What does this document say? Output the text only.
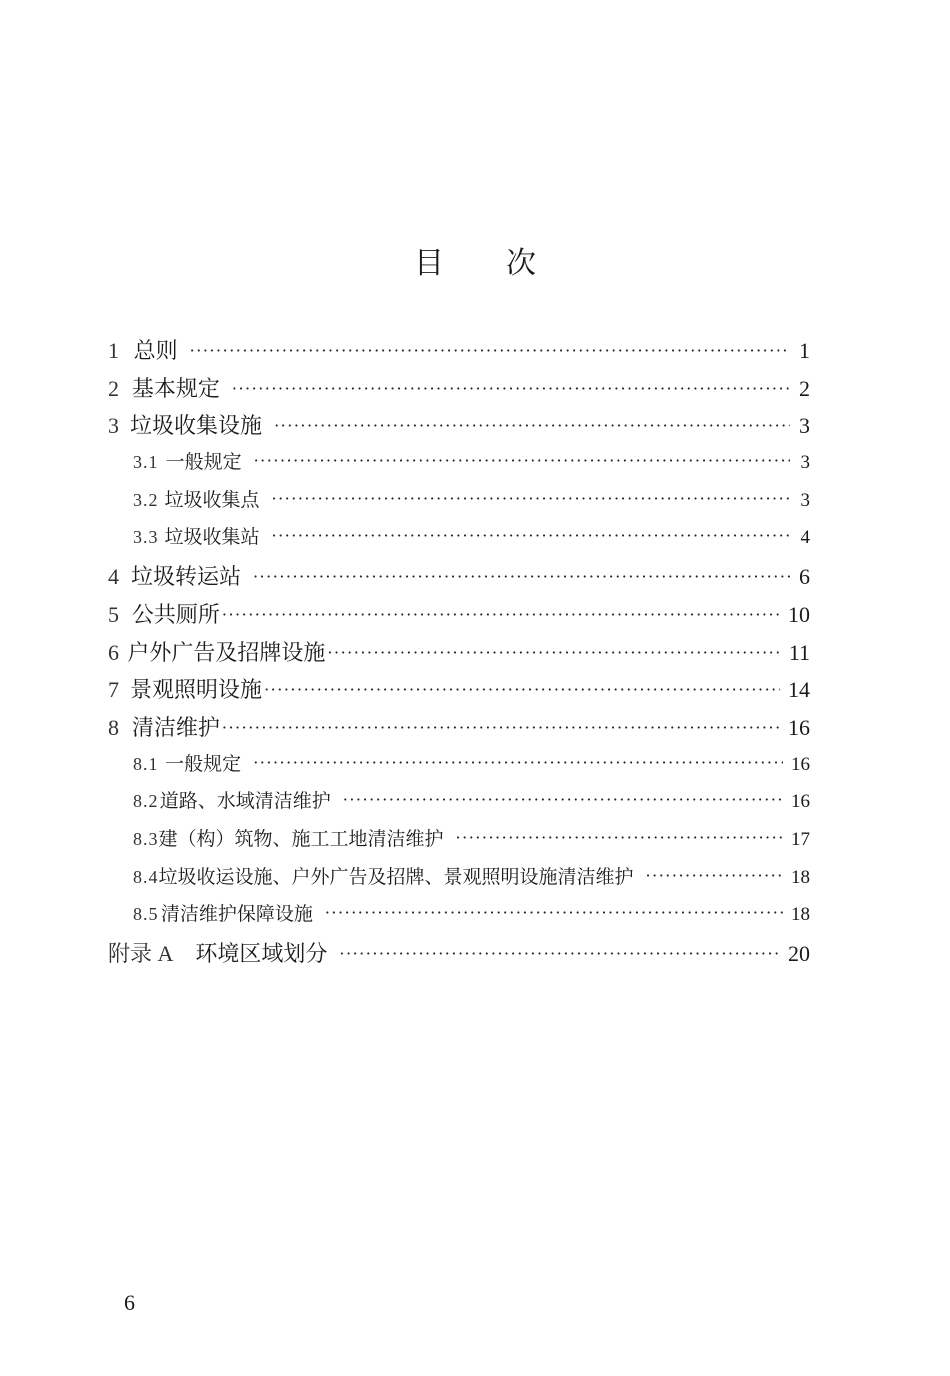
目 次
1 总则 ·····	1
2 基本规定 ·····	2
3 垃圾收集设施 ·····	3
3.1 一般规定 ·····	3
3.2 垃圾收集点 ·····	3
3.3 垃圾收集站 ·····	4
4 垃圾转运站 ·····	6
5 公共厕所 ·····	10
6 户外广告及招牌设施 ·····	11
7 景观照明设施 ·····	14
8 清洁维护 ·····	16
8.1 一般规定 ·····	16
8.2 道路、水域清洁维护 ·····	16
8.3 建（构）筑物、施工工地清洁维护 ·····	17
8.4 垃圾收运设施、户外广告及招牌、景观照明设施清洁维护 ·····	18
8.5 清洁维护保障设施 ·····	18
附录 A 环境区域划分 ·····	20
6
